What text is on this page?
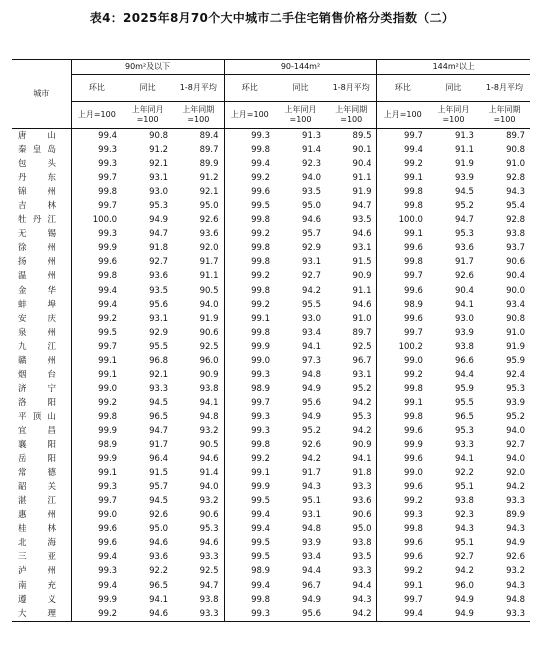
表4：2025年8月70个大中城市二手住宅销售价格分类指数（二）
城市	90m²及以下			90-144m²			144m²以上		
	环比	同比	1-8月平均	环比	同比	1-8月平均	环比	同比	1-8月平均
	上月=100	上年同月=100	上年同期=100	上月=100	上年同月=100	上年同期=100	上月=100	上年同月=100	上年同期=100

唐 山	99.4	90.8	89.4	99.3	91.3	89.5	99.7	91.3	89.7

秦 皇 岛	99.3	91.2	89.7	99.8	91.4	90.1	99.4	91.1	90.8

包 头	99.3	92.1	89.9	99.4	92.3	90.4	99.2	91.9	91.0

丹 东	99.7	93.1	91.2	99.2	94.0	91.1	99.1	93.9	92.8

锦 州	99.8	93.0	92.1	99.6	93.5	91.9	99.8	94.5	94.3

吉 林	99.7	95.3	95.0	99.5	95.0	94.7	99.8	95.2	95.4

牡 丹 江	100.0	94.9	92.6	99.8	94.6	93.5	100.0	94.7	92.8

无 锡	99.3	94.7	93.6	99.2	95.7	94.6	99.1	95.3	93.8

徐 州	99.9	91.8	92.0	99.8	92.9	93.1	99.6	93.6	93.7

扬 州	99.6	92.7	91.7	99.8	93.1	91.5	99.8	91.7	90.6

温 州	99.8	93.6	91.1	99.2	92.7	90.9	99.7	92.6	90.4

金 华	99.4	93.5	90.5	99.8	94.2	91.1	99.6	90.4	90.0

蚌 埠	99.4	95.6	94.0	99.2	95.5	94.6	98.9	94.1	93.4

安 庆	99.2	93.1	91.9	99.1	93.0	91.0	99.6	93.0	90.8

泉 州	99.5	92.9	90.6	99.8	93.4	89.7	99.7	93.9	91.0

九 江	99.7	95.5	92.5	99.9	94.1	92.5	100.2	93.8	91.9

赣 州	99.1	96.8	96.0	99.0	97.3	96.7	99.0	96.6	95.9

烟 台	99.1	92.1	90.9	99.3	94.8	93.1	99.2	94.4	92.4

济 宁	99.0	93.3	93.8	98.9	94.9	95.2	99.8	95.9	95.3

洛 阳	99.2	94.5	94.1	99.7	95.6	94.2	99.1	95.5	93.9

平 顶 山	99.8	96.5	94.8	99.3	94.9	95.3	99.8	96.5	95.2

宜 昌	99.9	94.7	93.2	99.3	95.2	94.2	99.6	95.3	94.0

襄 阳	98.9	91.7	90.5	99.8	92.6	90.9	99.9	93.3	92.7

岳 阳	99.9	96.4	94.6	99.2	94.2	94.1	99.6	94.1	94.0

常 德	99.1	91.5	91.4	99.1	91.7	91.8	99.0	92.2	92.0

韶 关	99.3	95.7	94.0	99.9	94.3	93.3	99.6	95.1	94.2

湛 江	99.7	94.5	93.2	99.5	95.1	93.6	99.2	93.8	93.3

惠 州	99.0	92.6	90.6	99.4	93.1	90.6	99.3	92.3	89.9

桂 林	99.6	95.0	95.3	99.4	94.8	95.0	99.8	94.3	94.3

北 海	99.6	94.6	94.6	99.5	93.9	93.8	99.6	95.1	94.9

三 亚	99.4	93.6	93.3	99.5	93.4	93.5	99.6	92.7	92.6

泸 州	99.3	92.2	92.5	98.9	94.4	93.3	99.2	94.2	93.2

南 充	99.4	96.5	94.7	99.4	96.7	94.4	99.1	96.0	94.3

遵 义	99.9	94.1	93.8	99.8	94.9	94.3	99.7	94.9	94.8

大 理	99.2	94.6	93.3	99.3	95.6	94.2	99.4	94.9	93.3
